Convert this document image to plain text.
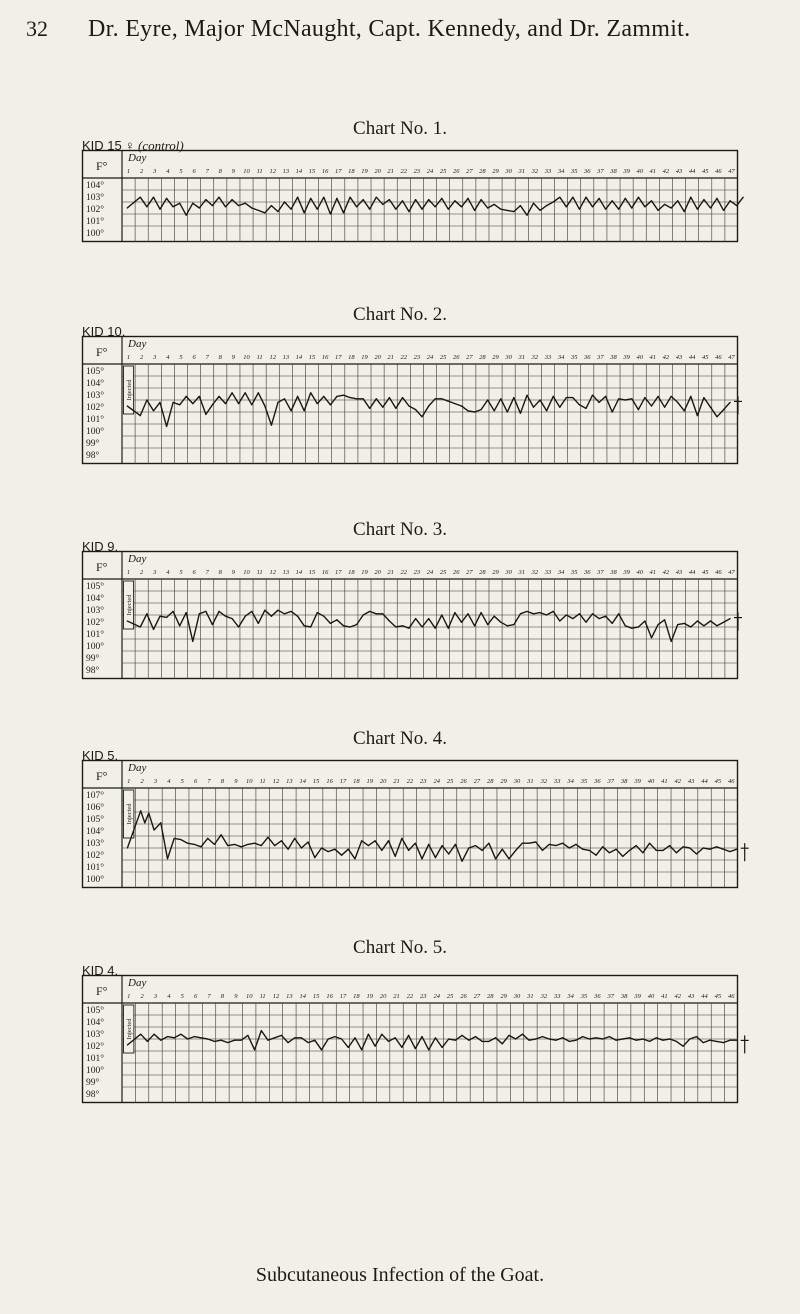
32 Dr. Eyre, Major McNaught, Capt. Kennedy, and Dr. Zammit.
Chart No. 1.
KID 15 ♀ (control)
F°
Day
1 2 3 4 5 6 7 8 9 10 11 12 13 14 15 16 17 18 19 20 21 22 23 24 25 26 27 28 29 30 31 32 33 34 35 36 37 38 39 40 41 42 43 44 45 46 47
104°
103°
102°
101°
100°
Chart No. 2.
KID 10.
F°
Day
1 2 3 4 5 6 7 8 9 10 11 12 13 14 15 16 17 18 19 20 21 22 23 24 25 26 27 28 29 30 31 32 33 34 35 36 37 38 39 40 41 42 43 44 45 46 47
105°
104°
103°
102°
101°
100°
99°
98°
Injected
Chart No. 3.
KID 9.
F°
Day
1 2 3 4 5 6 7 8 9 10 11 12 13 14 15 16 17 18 19 20 21 22 23 24 25 26 27 28 29 30 31 32 33 34 35 36 37 38 39 40 41 42 43 44 45 46 47
105°
104°
103°
102°
101°
100°
99°
98°
Injected
Chart No. 4.
KID 5.
F°
Day
1 2 3 4 5 6 7 8 9 10 11 12 13 14 15 16 17 18 19 20 21 22 23 24 25 26 27 28 29 30 31 32 33 34 35 36 37 38 39 40 41 42 43 44 45 46
107°
106°
105°
104°
103°
102°
101°
100°
Injected
Chart No. 5.
KID 4.
F°
Day
1 2 3 4 5 6 7 8 9 10 11 12 13 14 15 16 17 18 19 20 21 22 23 24 25 26 27 28 29 30 31 32 33 34 35 36 37 38 39 40 41 42 43 44 45 46
105°
104°
103°
102°
101°
100°
99°
98°
Injected
Subcutaneous Infection of the Goat.
